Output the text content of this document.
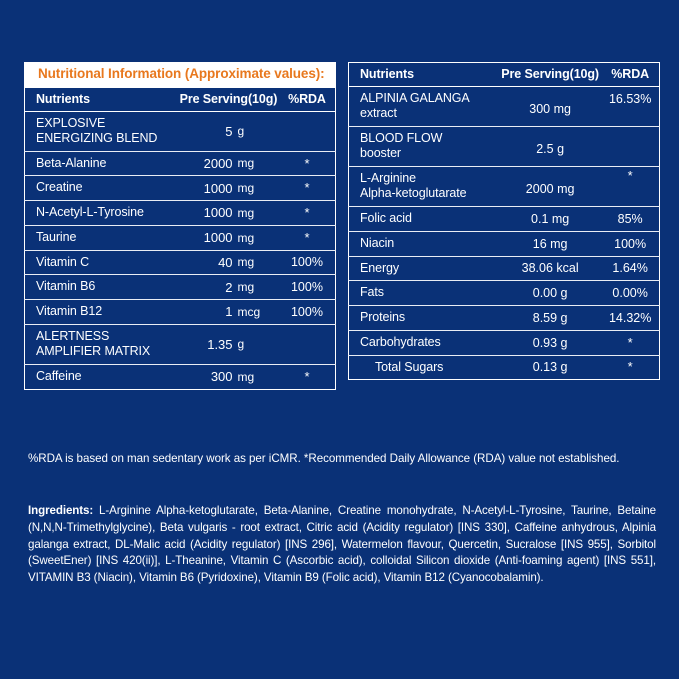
Nutritional Information (Approximate values):
Nutrients	Pre Serving(10g)		%RDA
EXPLOSIVE
ENERGIZING BLEND	5	g	
Beta-Alanine	2000	mg	*
Creatine	1000	mg	*
N-Acetyl-L-Tyrosine	1000	mg	*
Taurine	1000	mg	*
Vitamin C	40	mg	100%
Vitamin B6	2	mg	100%
Vitamin B12	1	mcg	100%
ALERTNESS
AMPLIFIER MATRIX	1.35	g	
Caffeine	300	mg	*
Nutrients	Pre Serving(10g)	%RDA
ALPINIA GALANGA
extract	300 mg	16.53%
BLOOD FLOW
booster	2.5 g	
L-Arginine
Alpha-ketoglutarate	2000 mg	*
Folic acid	0.1 mg	85%
Niacin	16 mg	100%
Energy	38.06 kcal	1.64%
Fats	0.00 g	0.00%
Proteins	8.59 g	14.32%
Carbohydrates	0.93 g	*
Total Sugars	0.13 g	*
%RDA is based on man sedentary work as per iCMR. *Recommended Daily Allowance (RDA) value not established.
Ingredients: L-Arginine Alpha-ketoglutarate, Beta-Alanine, Creatine monohydrate, N-Acetyl-L-Tyrosine, Taurine, Betaine (N,N,N-Trimethylglycine), Beta vulgaris - root extract, Citric acid (Acidity regulator) [INS 330], Caffeine anhydrous, Alpinia galanga extract, DL-Malic acid (Acidity regulator) [INS 296], Watermelon flavour, Quercetin, Sucralose [INS 955], Sorbitol (SweetEner) [INS 420(ii)], L-Theanine, Vitamin C (Ascorbic acid), colloidal Silicon dioxide (Anti-foaming agent) [INS 551], VITAMIN B3 (Niacin), Vitamin B6 (Pyridoxine), Vitamin B9 (Folic acid), Vitamin B12 (Cyanocobalamin).
